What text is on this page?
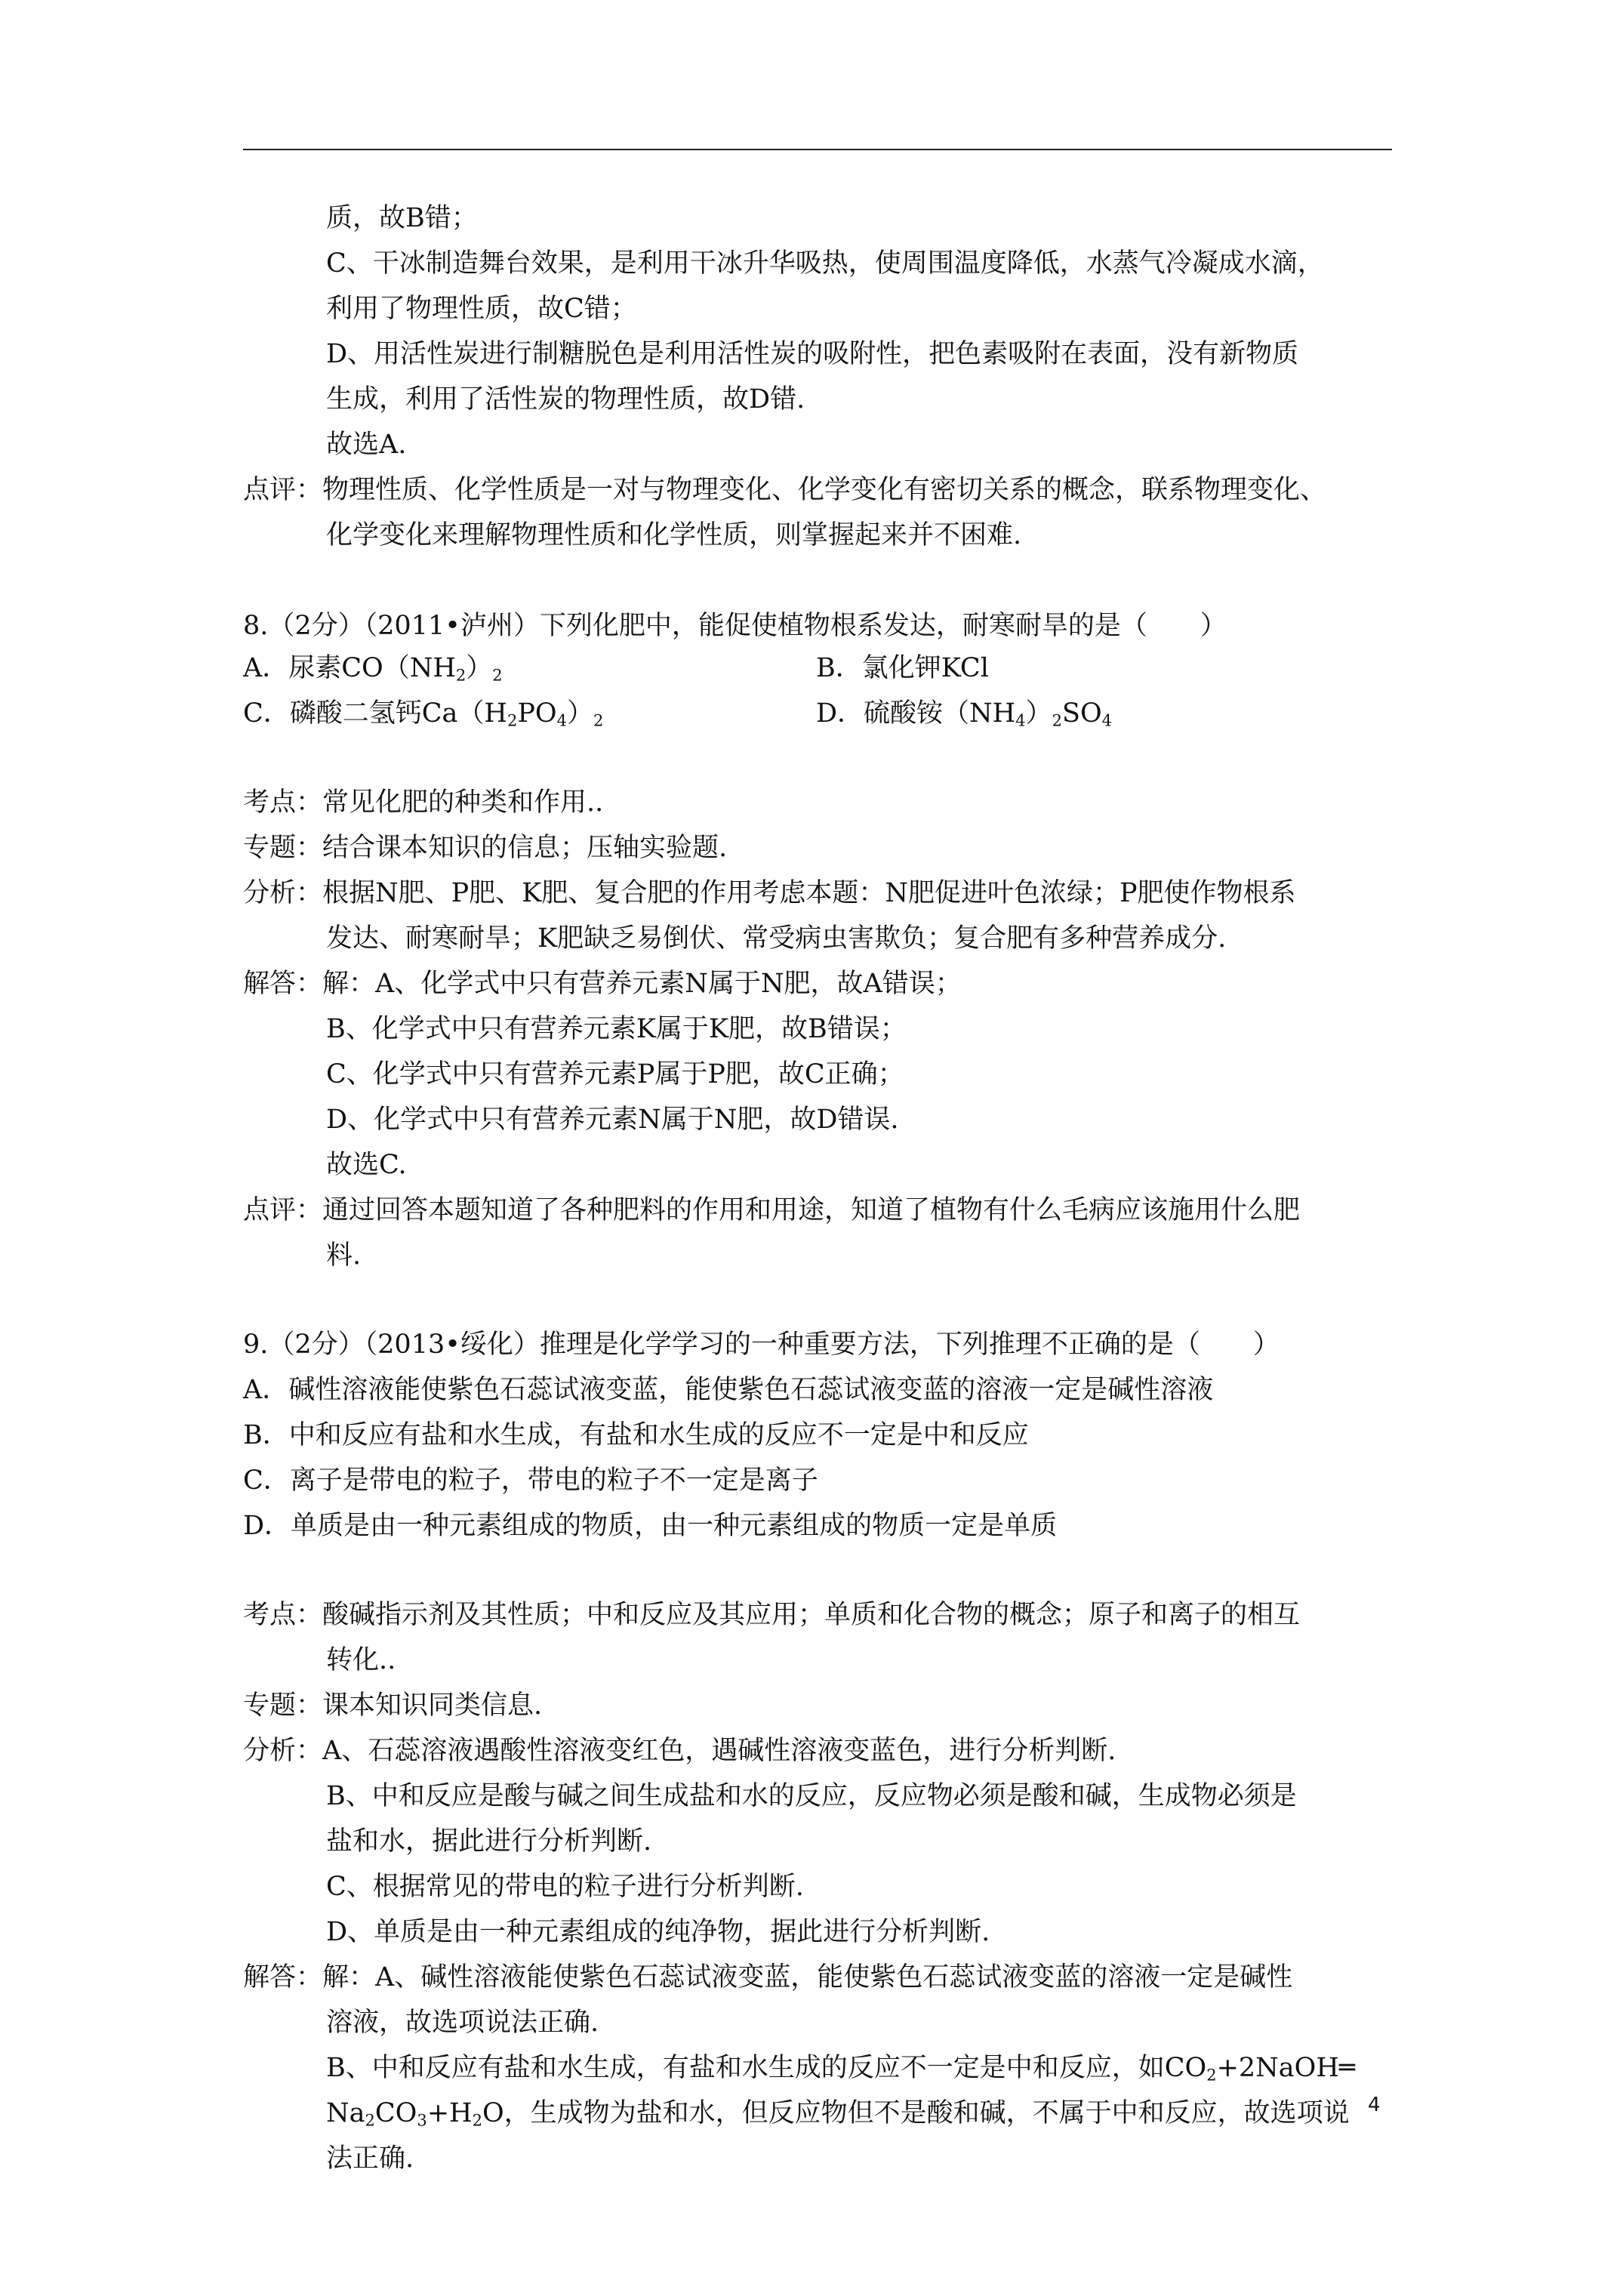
质，故B错；
C、干冰制造舞台效果，是利用干冰升华吸热，使周围温度降低，水蒸气冷凝成水滴，
利用了物理性质，故C错；
D、用活性炭进行制糖脱色是利用活性炭的吸附性，把色素吸附在表面，没有新物质
生成，利用了活性炭的物理性质，故D错.
故选A.
点评：物理性质、化学性质是一对与物理变化、化学变化有密切关系的概念，联系物理变化、
化学变化来理解物理性质和化学性质，则掌握起来并不困难.
8.（2分）（2011•泸州）下列化肥中，能促使植物根系发达，耐寒耐旱的是（　　）
A．尿素$CO(NH_2)_2$	B．氯化钾KCl
C．磷酸二氢钙$Ca(H_2PO_4)_2$	D．硫酸铵$(NH_4)_2SO_4$
考点：常见化肥的种类和作用..
专题：结合课本知识的信息；压轴实验题.
分析：根据N肥、P肥、K肥、复合肥的作用考虑本题：N肥促进叶色浓绿；P肥使作物根系
发达、耐寒耐旱；K肥缺乏易倒伏、常受病虫害欺负；复合肥有多种营养成分.
解答：解：A、化学式中只有营养元素N属于N肥，故A错误；
B、化学式中只有营养元素K属于K肥，故B错误；
C、化学式中只有营养元素P属于P肥，故C正确；
D、化学式中只有营养元素N属于N肥，故D错误.
故选C.
点评：通过回答本题知道了各种肥料的作用和用途，知道了植物有什么毛病应该施用什么肥
料.
9.（2分）（2013•绥化）推理是化学学习的一种重要方法，下列推理不正确的是（　　）
A．碱性溶液能使紫色石蕊试液变蓝，能使紫色石蕊试液变蓝的溶液一定是碱性溶液
B．中和反应有盐和水生成，有盐和水生成的反应不一定是中和反应
C．离子是带电的粒子，带电的粒子不一定是离子
D．单质是由一种元素组成的物质，由一种元素组成的物质一定是单质
考点：酸碱指示剂及其性质；中和反应及其应用；单质和化合物的概念；原子和离子的相互
转化..
专题：课本知识同类信息.
分析：A、石蕊溶液遇酸性溶液变红色，遇碱性溶液变蓝色，进行分析判断.
B、中和反应是酸与碱之间生成盐和水的反应，反应物必须是酸和碱，生成物必须是
盐和水，据此进行分析判断.
C、根据常见的带电的粒子进行分析判断.
D、单质是由一种元素组成的纯净物，据此进行分析判断.
解答：解：A、碱性溶液能使紫色石蕊试液变蓝，能使紫色石蕊试液变蓝的溶液一定是碱性
溶液，故选项说法正确.
B、中和反应有盐和水生成，有盐和水生成的反应不一定是中和反应，如$CO_2+2NaOH═$
$Na_2CO_3+H_2O$，生成物为盐和水，但反应物但不是酸和碱，不属于中和反应，故选项说
法正确.
4
